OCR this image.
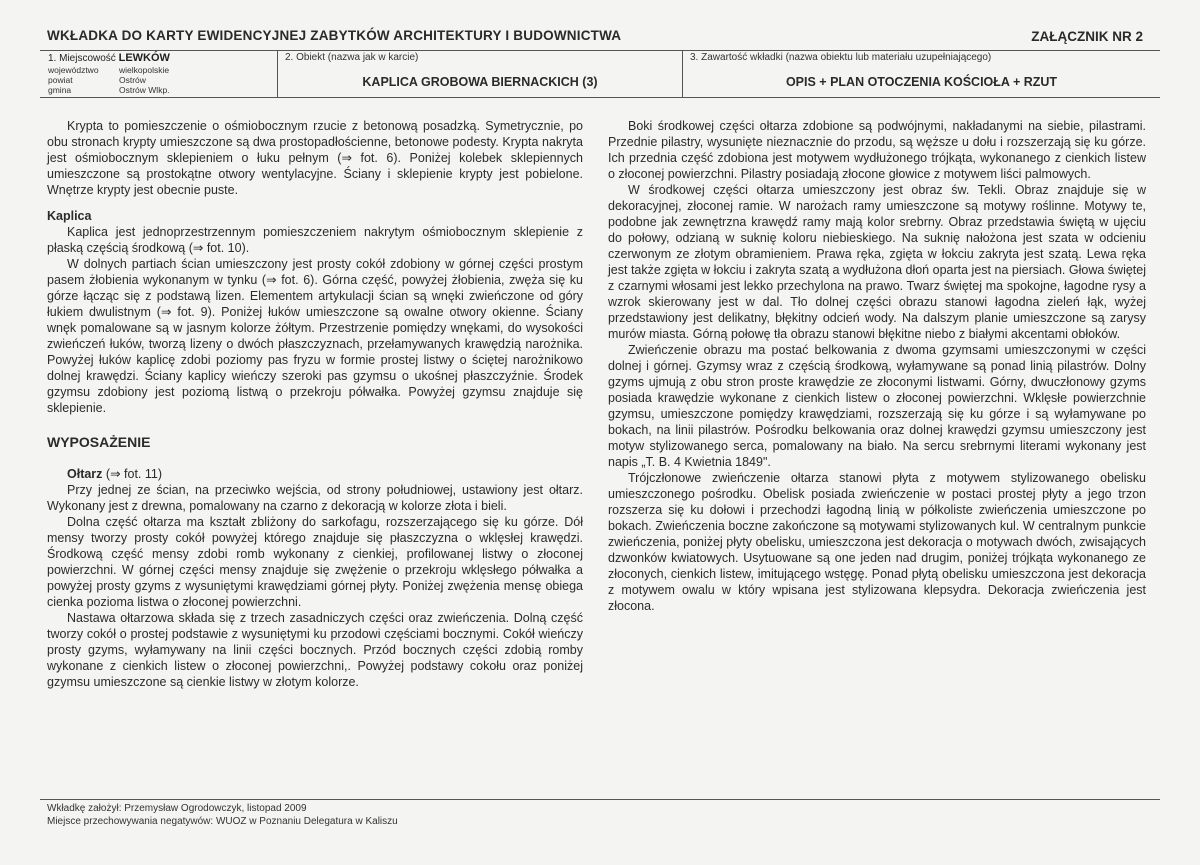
WKŁADKA DO KARTY EWIDENCYJNEJ ZABYTKÓW ARCHITEKTURY I BUDOWNICTWA	ZAŁĄCZNIK NR 2
1. Miejscowość LEWKÓW
województwo wielkopolskie
powiat	Ostrów
gmina	Ostrów Wlkp.
2. Obiekt (nazwa jak w karcie)
KAPLICA GROBOWA BIERNACKICH (3)
3. Zawartość wkładki (nazwa obiektu lub materiału uzupełniającego)
OPIS + PLAN OTOCZENIA KOŚCIOŁA + RZUT

Krypta to pomieszczenie o ośmiobocznym rzucie z betonową posadzką. Symetrycznie, po obu stronach krypty umieszczone są dwa prostopadłościenne, betonowe podesty. Krypta nakryta jest ośmiobocznym sklepieniem o łuku pełnym (⇒ fot. 6). Poniżej kolebek sklepiennych umieszczone są prostokątne otwory wentylacyjne. Ściany i sklepienie krypty jest pobielone. Wnętrze krypty jest obecnie puste.

Kaplica

Kaplica jest jednoprzestrzennym pomieszczeniem nakrytym ośmiobocznym sklepienie z płaską częścią środkową (⇒ fot. 10).

W dolnych partiach ścian umieszczony jest prosty cokół zdobiony w górnej części prostym pasem żłobienia wykonanym w tynku (⇒ fot. 6). Górna część, powyżej żłobienia, zwęża się ku górze łącząc się z podstawą lizen. Elementem artykulacji ścian są wnęki zwieńczone od góry łukiem dwulistnym (⇒ fot. 9). Poniżej łuków umieszczone są owalne otwory okienne. Ściany wnęk pomalowane są w jasnym kolorze żółtym. Przestrzenie pomiędzy wnękami, do wysokości zwieńczeń łuków, tworzą lizeny o dwóch płaszczyznach, przełamywanych krawędzią narożnika. Powyżej łuków kaplicę zdobi poziomy pas fryzu w formie prostej listwy o ściętej narożnikowo dolnej krawędzi. Ściany kaplicy wieńczy szeroki pas gzymsu o ukośnej płaszczyźnie. Środek gzymsu zdobiony jest poziomą listwą o przekroju półwałka. Powyżej gzymsu znajduje się sklepienie.

WYPOSAŻENIE
Ołtarz (⇒ fot. 11)

Przy jednej ze ścian, na przeciwko wejścia, od strony południowej, ustawiony jest ołtarz. Wykonany jest z drewna, pomalowany na czarno z dekoracją w kolorze złota i bieli.

Dolna część ołtarza ma kształt zbliżony do sarkofagu, rozszerzającego się ku górze. Dół mensy tworzy prosty cokół powyżej którego znajduje się płaszczyzna o wklęsłej krawędzi. Środkową część mensy zdobi romb wykonany z cienkiej, profilowanej listwy o złoconej powierzchni. W górnej części mensy znajduje się zwężenie o przekroju wklęsłego półwałka a powyżej prosty gzyms z wysuniętymi krawędziami górnej płyty. Poniżej zwężenia mensę obiega cienka pozioma listwa o złoconej powierzchni.

Nastawa ołtarzowa składa się z trzech zasadniczych części oraz zwieńczenia. Dolną część tworzy cokół o prostej podstawie z wysuniętymi ku przodowi częściami bocznymi. Cokół wieńczy prosty gzyms, wyłamywany na linii części bocznych. Przód bocznych części zdobią romby wykonane z cienkich listew o złoconej powierzchni,. Powyżej podstawy cokołu oraz poniżej gzymsu umieszczone są cienkie listwy w złotym kolorze.

Boki środkowej części ołtarza zdobione są podwójnymi, nakładanymi na siebie, pilastrami. Przednie pilastry, wysunięte nieznacznie do przodu, są węższe u dołu i rozszerzają się ku górze. Ich przednia część zdobiona jest motywem wydłużonego trójkąta, wykonanego z cienkich listew o złoconej powierzchni. Pilastry posiadają złocone głowice z motywem liści palmowych.

W środkowej części ołtarza umieszczony jest obraz św. Tekli. Obraz znajduje się w dekoracyjnej, złoconej ramie. W narożach ramy umieszczone są motywy roślinne. Motywy te, podobne jak zewnętrzna krawędź ramy mają kolor srebrny. Obraz przedstawia świętą w ujęciu do połowy, odzianą w suknię koloru niebieskiego. Na suknię nałożona jest szata w odcieniu czerwonym ze złotym obramieniem. Prawa ręka, zgięta w łokciu zakryta jest szatą. Lewa ręka jest także zgięta w łokciu i zakryta szatą a wydłużona dłoń oparta jest na piersiach. Głowa świętej z czarnymi włosami jest lekko przechylona na prawo. Twarz świętej ma spokojne, łagodne rysy a wzrok skierowany jest w dal. Tło dolnej części obrazu stanowi łagodna zieleń łąk, wyżej przedstawiony jest delikatny, błękitny odcień wody. Na dalszym planie umieszczone są zarysy murów miasta. Górną połowę tła obrazu stanowi błękitne niebo z białymi akcentami obłoków.

Zwieńczenie obrazu ma postać belkowania z dwoma gzymsami umieszczonymi w części dolnej i górnej. Gzymsy wraz z częścią środkową, wyłamywane są ponad linią pilastrów. Dolny gzyms ujmują z obu stron proste krawędzie ze złoconymi listwami. Górny, dwuczłonowy gzyms posiada krawędzie wykonane z cienkich listew o złoconej powierzchni. Wklęsłe powierzchnie gzymsu, umieszczone pomiędzy krawędziami, rozszerzają się ku górze i są wyłamywane po bokach, na linii pilastrów. Pośrodku belkowania oraz dolnej krawędzi gzymsu umieszczony jest motyw stylizowanego serca, pomalowany na biało. Na sercu srebrnymi literami wykonany jest napis „T. B. 4 Kwietnia 1849".

Trójczłonowe zwieńczenie ołtarza stanowi płyta z motywem stylizowanego obelisku umieszczonego pośrodku. Obelisk posiada zwieńczenie w postaci prostej płyty a jego trzon rozszerza się ku dołowi i przechodzi łagodną linią w półkoliste zwieńczenia umieszczone po bokach. Zwieńczenia boczne zakończone są motywami stylizowanych kul. W centralnym punkcie zwieńczenia, poniżej płyty obelisku, umieszczona jest dekoracja o motywach dwóch, zwisających dzwonków kwiatowych. Usytuowane są one jeden nad drugim, poniżej trójkąta wykonanego ze złoconych, cienkich listew, imitującego wstęgę. Ponad płytą obelisku umieszczona jest dekoracja z motywem owalu w który wpisana jest stylizowana klepsydra. Dekoracja zwieńczenia jest złocona.

Wkładkę założył: Przemysław Ogrodowczyk, listopad 2009
Miejsce przechowywania negatywów: WUOZ w Poznaniu Delegatura w Kaliszu
